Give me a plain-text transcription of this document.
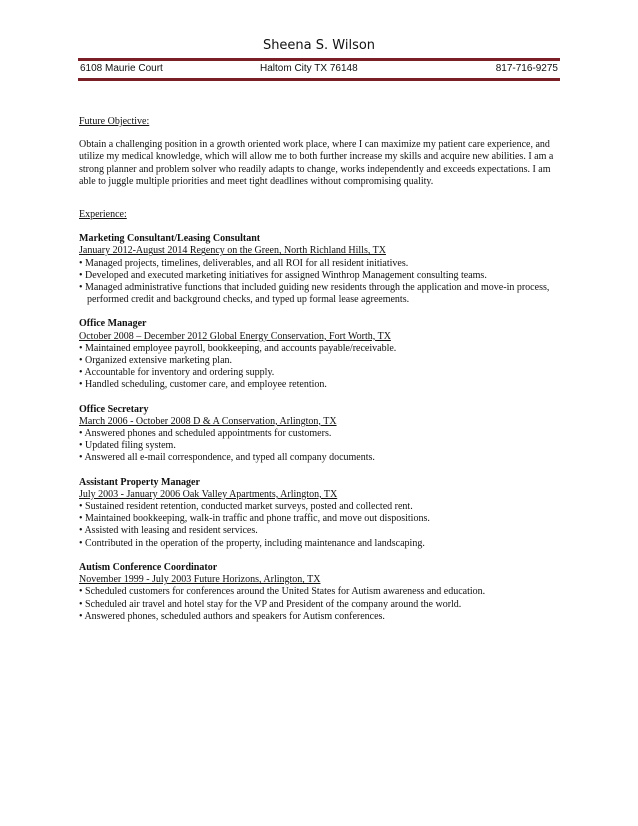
Sheena S. Wilson
6108 Maurie Court	Haltom City TX 76148	817-716-9275

Future Objective:

Obtain a challenging position in a growth oriented work place, where I can maximize my patient care experience, and utilize my medical knowledge, which will allow me to both further increase my skills and acquire new abilities. I am a strong planner and problem solver who readily adapts to change, works independently and exceeds expectations. I am able to juggle multiple priorities and meet tight deadlines without compromising quality.

Experience:

Marketing Consultant/Leasing Consultant
January 2012-August 2014 Regency on the Green, North Richland Hills, TX
• Managed projects, timelines, deliverables, and all ROI for all resident initiatives.
• Developed and executed marketing initiatives for assigned Winthrop Management consulting teams.
• Managed administrative functions that included guiding new residents through the application and move-in process, performed credit and background checks, and typed up formal lease agreements.
Office Manager
October 2008 – December 2012 Global Energy Conservation, Fort Worth, TX
• Maintained employee payroll, bookkeeping, and accounts payable/receivable.
• Organized extensive marketing plan.
• Accountable for inventory and ordering supply.
• Handled scheduling, customer care, and employee retention.
Office Secretary
March 2006 - October 2008 D & A Conservation, Arlington, TX
• Answered phones and scheduled appointments for customers.
• Updated filing system.
• Answered all e-mail correspondence, and typed all company documents.
Assistant Property Manager
July 2003 - January 2006 Oak Valley Apartments, Arlington, TX
• Sustained resident retention, conducted market surveys, posted and collected rent.
• Maintained bookkeeping, walk-in traffic and phone traffic, and move out dispositions.
• Assisted with leasing and resident services.
• Contributed in the operation of the property, including maintenance and landscaping.
Autism Conference Coordinator
November 1999 - July 2003 Future Horizons, Arlington, TX
• Scheduled customers for conferences around the United States for Autism awareness and education.
• Scheduled air travel and hotel stay for the VP and President of the company around the world.
• Answered phones, scheduled authors and speakers for Autism conferences.
